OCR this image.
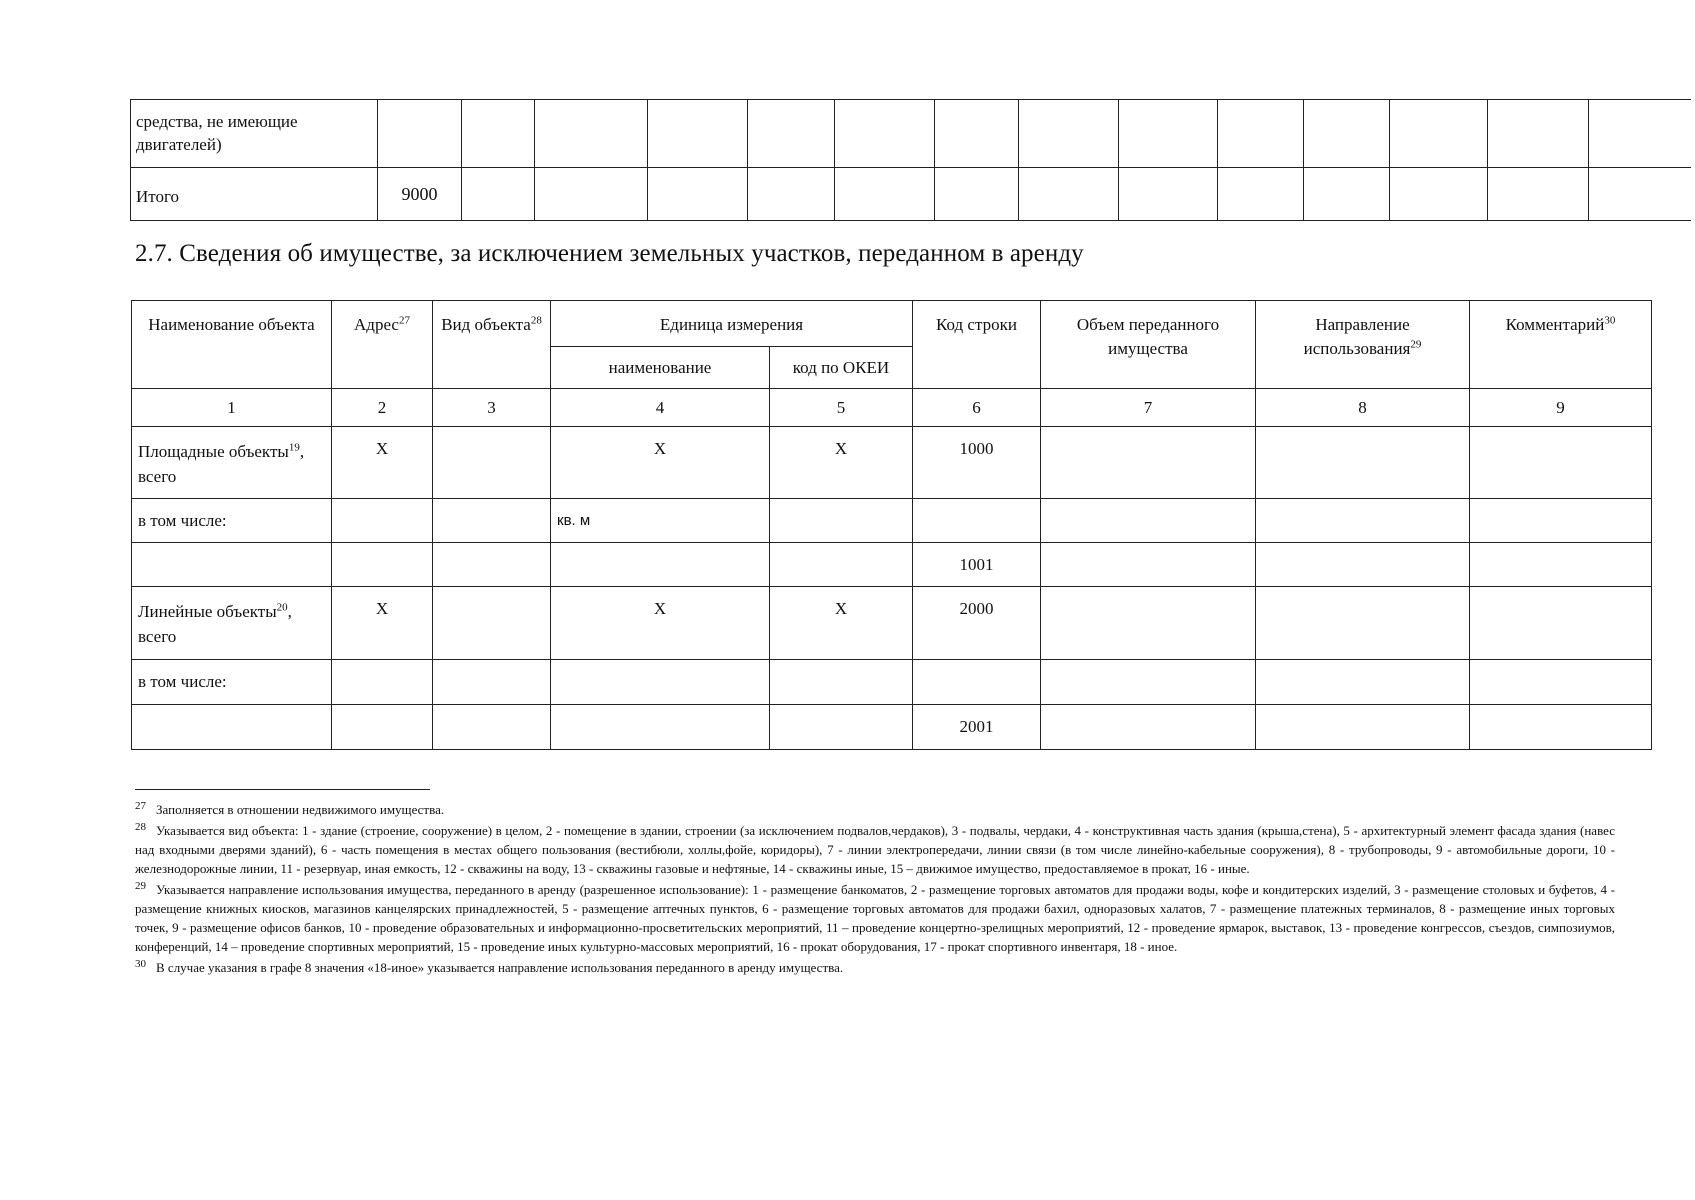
средства, не имеющие двигателей)														
Итого	9000													
2.7. Сведения об имуществе, за исключением земельных участков, переданном в аренду
Наименование объекта	Адрес$^{27}$	Вид объекта$^{28}$	Единица измерения		Код строки	Объем переданного имущества	Направление использования$^{29}$	Комментарий$^{30}$
			наименование	код по ОКЕИ				
1	2	3	4	5	6	7	8	9
Площадные объекты$^{19}$, всего	X		X	X	1000			
в том числе:			кв. м					
					1001			
Линейные объекты$^{20}$, всего	X		X	X	2000			
в том числе:								
					2001			

$^{27}$ Заполняется в отношении недвижимого имущества.

$^{28}$ Указывается вид объекта: 1 - здание (строение, сооружение) в целом, 2 - помещение в здании, строении (за исключением подвалов,чердаков), 3 - подвалы, чердаки, 4 - конструктивная часть здания (крыша,стена), 5 - архитектурный элемент фасада здания (навес над входными дверями зданий), 6 - часть помещения в местах общего пользования (вестибюли, холлы,фойе, коридоры), 7 - линии электропередачи, линии связи (в том числе линейно-кабельные сооружения), 8 - трубопроводы, 9 - автомобильные дороги, 10 - железнодорожные линии, 11 - резервуар, иная емкость, 12 - скважины на воду, 13 - скважины газовые и нефтяные, 14 - скважины иные, 15 – движимое имущество, предоставляемое в прокат, 16 - иные.

$^{29}$ Указывается направление использования имущества, переданного в аренду (разрешенное использование): 1 - размещение банкоматов, 2 - размещение торговых автоматов для продажи воды, кофе и кондитерских изделий, 3 - размещение столовых и буфетов, 4 - размещение книжных киосков, магазинов канцелярских принадлежностей, 5 - размещение аптечных пунктов, 6 - размещение торговых автоматов для продажи бахил, одноразовых халатов, 7 - размещение платежных терминалов, 8 - размещение иных торговых точек, 9 - размещение офисов банков, 10 - проведение образовательных и информационно-просветительских мероприятий, 11 – проведение концертно-зрелищных мероприятий, 12 - проведение ярмарок, выставок, 13 - проведение конгрессов, съездов, симпозиумов, конференций, 14 – проведение спортивных мероприятий, 15 - проведение иных культурно-массовых мероприятий, 16 - прокат оборудования, 17 - прокат спортивного инвентаря, 18 - иное.

$^{30}$ В случае указания в графе 8 значения «18-иное» указывается направление использования переданного в аренду имущества.
